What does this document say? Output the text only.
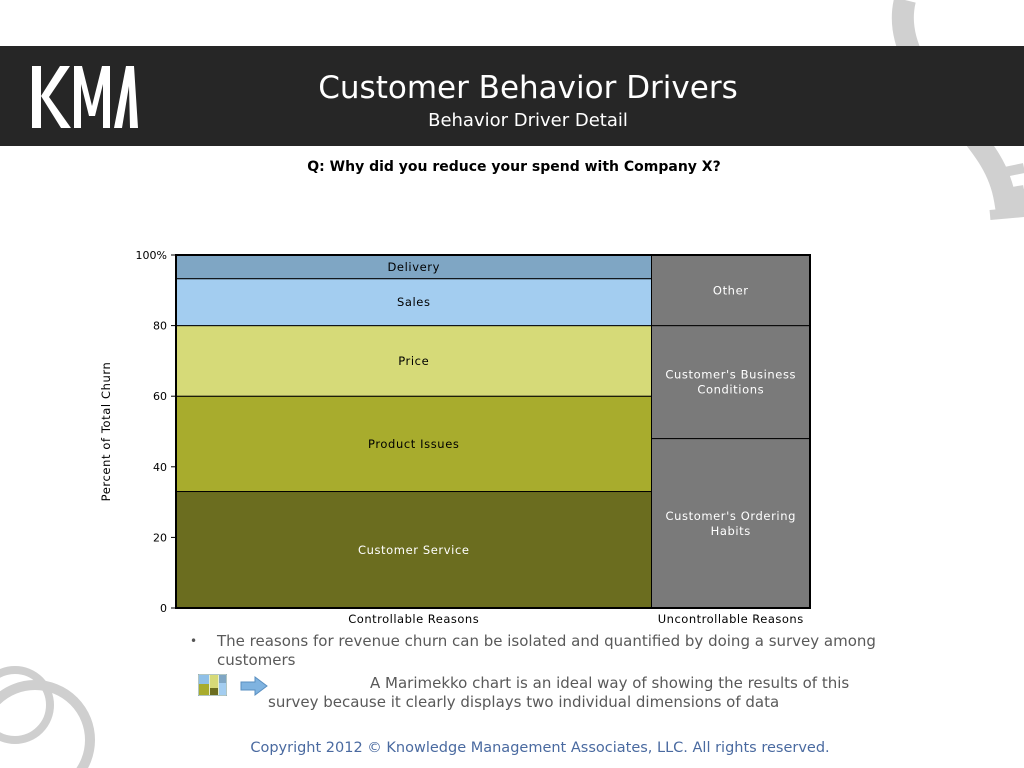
Customer Behavior Drivers
Behavior Driver Detail
Q: Why did you reduce your spend with Company X?
Customer Service
Product Issues
Price
Sales
Delivery
Controllable Reasons
Customer's Ordering
Habits
Customer's Business
Conditions
Other
Uncontrollable Reasons
0
20
40
60
80
100%
Percent of Total Churn
• The reasons for revenue churn can be isolated and quantified by doing a survey among customers
A Marimekko chart is an ideal way of showing the results of this survey because it clearly displays two individual dimensions of data
Copyright 2012 © Knowledge Management Associates, LLC. All rights reserved.
